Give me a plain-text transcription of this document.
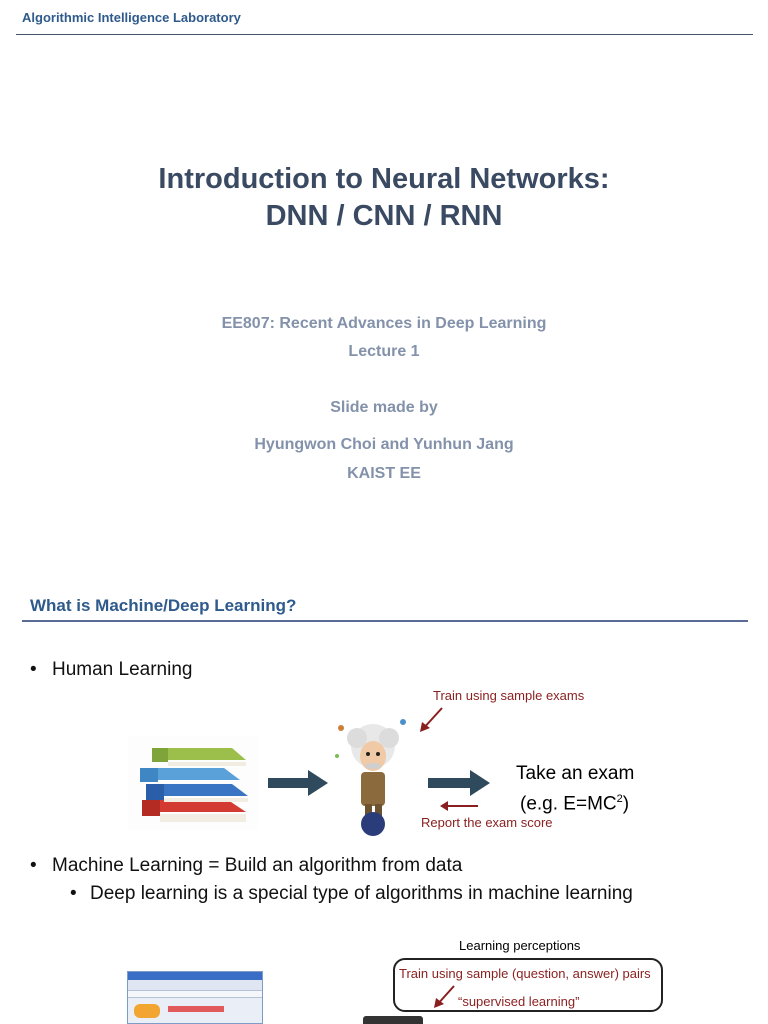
Algorithmic Intelligence Laboratory
Introduction to Neural Networks:
DNN / CNN / RNN
EE807: Recent Advances in Deep Learning
Lecture 1
Slide made by
Hyungwon Choi and Yunhun Jang
KAIST EE
What is Machine/Deep Learning?
• Human Learning
Train using sample exams
Take an exam
(e.g. $E=MC^2$)
Report the exam score
• Machine Learning = Build an algorithm from data
• Deep learning is a special type of algorithms in machine learning
Learning perceptions
Train using sample (question, answer) pairs
“supervised learning”
